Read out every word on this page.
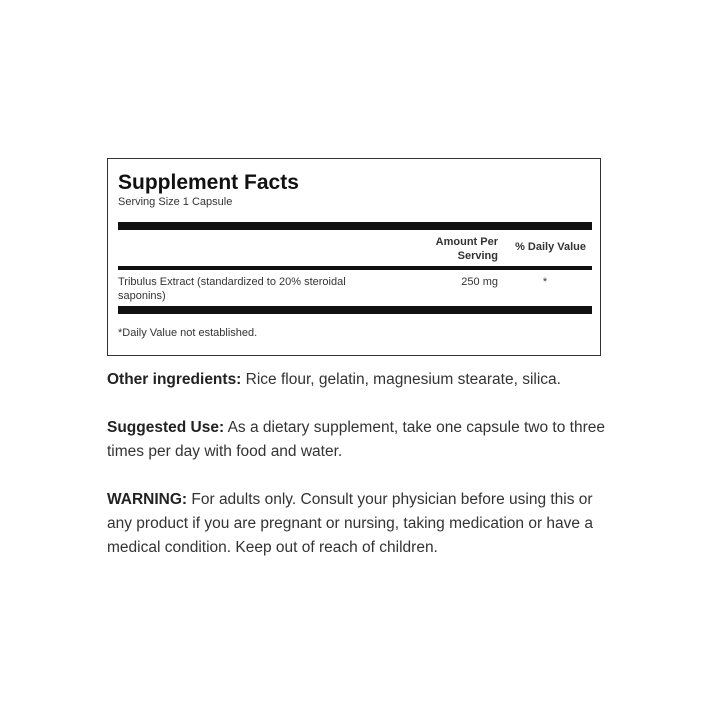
Supplement Facts
Serving Size 1 Capsule
Amount Per Serving
% Daily Value
Tribulus Extract (standardized to 20% steroidal saponins)
250 mg	*
*Daily Value not established.
Other ingredients: Rice flour, gelatin, magnesium stearate, silica.
Suggested Use: As a dietary supplement, take one capsule two to three times per day with food and water.
WARNING: For adults only. Consult your physician before using this or any product if you are pregnant or nursing, taking medication or have a medical condition. Keep out of reach of children.
